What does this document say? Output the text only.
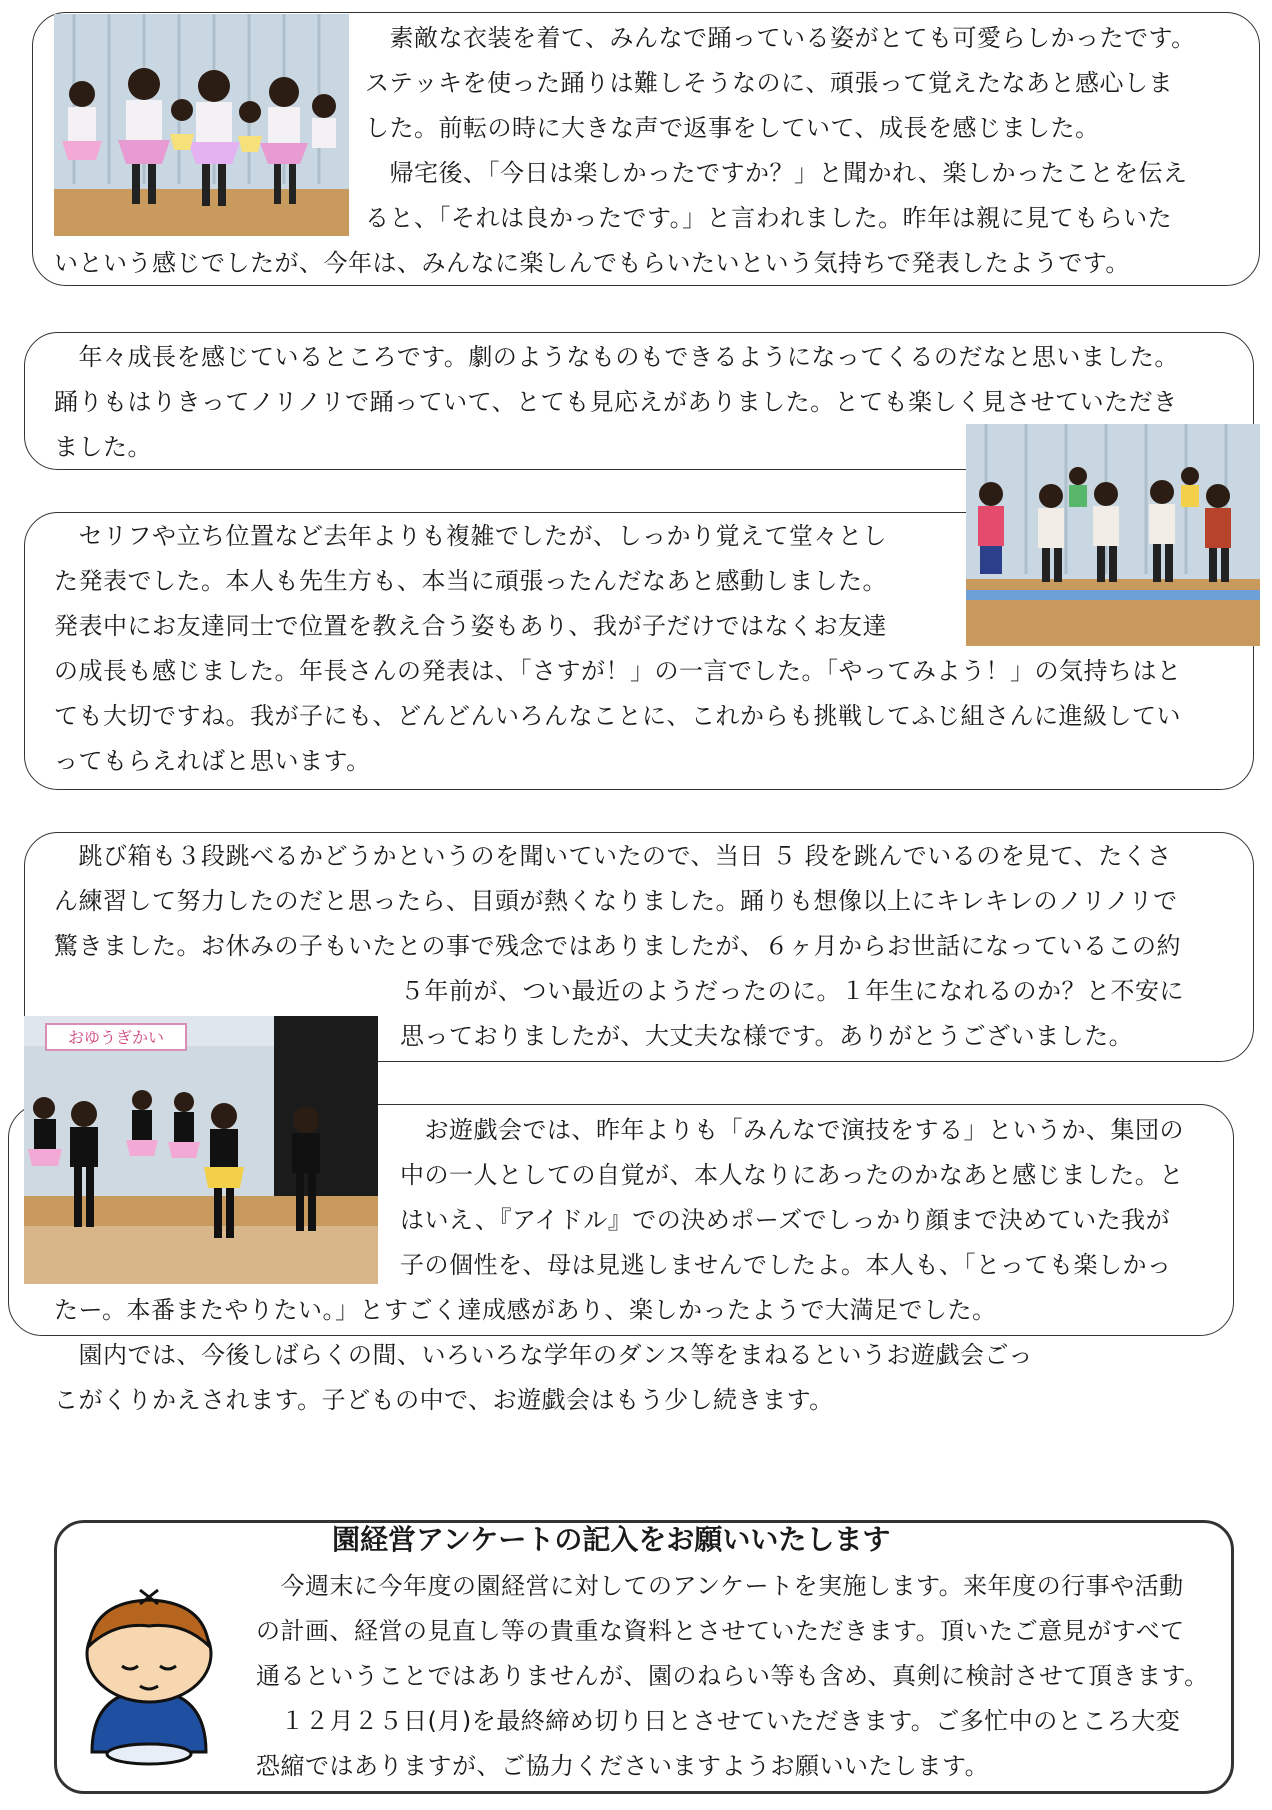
　素敵な衣装を着て、みんなで踊っている姿がとても可愛らしかったです。
ステッキを使った踊りは難しそうなのに、頑張って覚えたなあと感心しま
した。前転の時に大きな声で返事をしていて、成長を感じました。
　帰宅後、「今日は楽しかったですか？」と聞かれ、楽しかったことを伝え
ると、「それは良かったです。」と言われました。昨年は親に見てもらいた
いという感じでしたが、今年は、みんなに楽しんでもらいたいという気持ちで発表したようです。
　年々成長を感じているところです。劇のようなものもできるようになってくるのだなと思いました。
踊りもはりきってノリノリで踊っていて、とても見応えがありました。とても楽しく見させていただき
ました。
　セリフや立ち位置など去年よりも複雑でしたが、しっかり覚えて堂々とし
た発表でした。本人も先生方も、本当に頑張ったんだなあと感動しました。
発表中にお友達同士で位置を教え合う姿もあり、我が子だけではなくお友達
の成長も感じました。年長さんの発表は、「さすが！」の一言でした。「やってみよう！」の気持ちはと
ても大切ですね。我が子にも、どんどんいろんなことに、これからも挑戦してふじ組さんに進級してい
ってもらえればと思います。
　跳び箱も３段跳べるかどうかというのを聞いていたので、当日 ５ 段を跳んでいるのを見て、たくさ
ん練習して努力したのだと思ったら、目頭が熱くなりました。踊りも想像以上にキレキレのノリノリで
驚きました。お休みの子もいたとの事で残念ではありましたが、６ヶ月からお世話になっているこの約
５年前が、つい最近のようだったのに。１年生になれるのか？と不安に
思っておりましたが、大丈夫な様です。ありがとうございました。
おゆうぎかい
　お遊戯会では、昨年よりも「みんなで演技をする」というか、集団の
中の一人としての自覚が、本人なりにあったのかなあと感じました。と
はいえ、『アイドル』での決めポーズでしっかり顔まで決めていた我が
子の個性を、母は見逃しませんでしたよ。本人も、「とっても楽しかっ
たー。本番またやりたい。」とすごく達成感があり、楽しかったようで大満足でした。
　園内では、今後しばらくの間、いろいろな学年のダンス等をまねるというお遊戯会ごっ
こがくりかえされます。子どもの中で、お遊戯会はもう少し続きます。
園経営アンケートの記入をお願いいたします
　今週末に今年度の園経営に対してのアンケートを実施します。来年度の行事や活動
の計画、経営の見直し等の貴重な資料とさせていただきます。頂いたご意見がすべて
通るということではありませんが、園のねらい等も含め、真剣に検討させて頂きます。
　１２月２５日(月)を最終締め切り日とさせていただきます。ご多忙中のところ大変
恐縮ではありますが、ご協力くださいますようお願いいたします。
